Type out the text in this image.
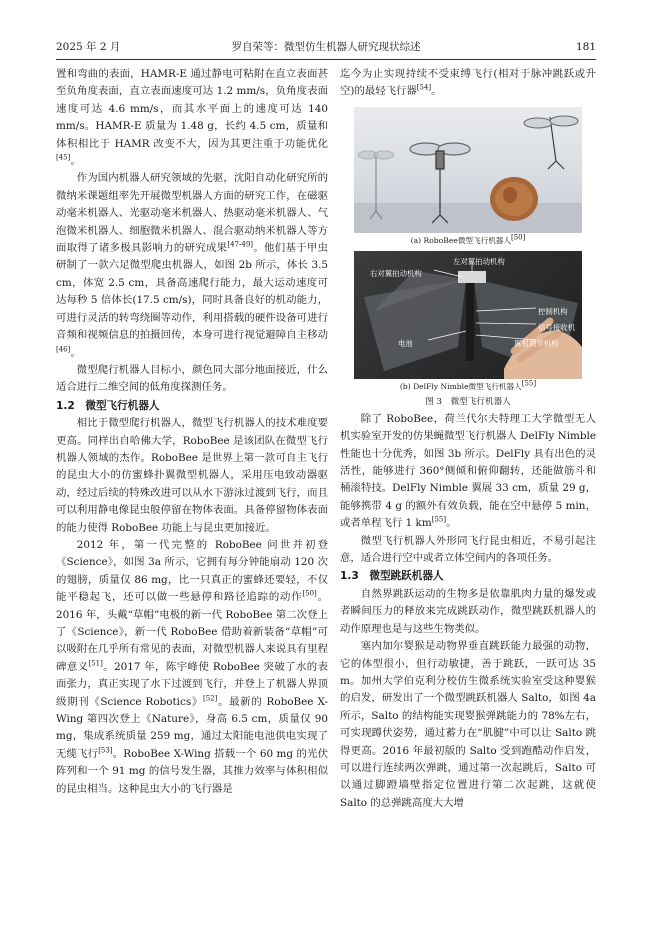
2025 年 2 月	罗自荣等：微型仿生机器人研究现状综述	181

置和弯曲的表面，HAMR-E 通过静电可粘附在直立表面甚至负角度表面，直立表面速度可达 1.2 mm/s，负角度表面速度可达 4.6 mm/s，而其水平面上的速度可达 140 mm/s。HAMR-E 质量为 1.48 g，长约 4.5 cm，质量和体积相比于 HAMR 改变不大，因为其更注重于功能优化[45]。

作为国内机器人研究领域的先驱，沈阳自动化研究所的微纳米课题组率先开展微型机器人方面的研究工作，在磁驱动毫米机器人、光驱动毫米机器人、热驱动毫米机器人、气泡微米机器人、细胞微米机器人、混合驱动纳米机器人等方面取得了诸多极具影响力的研究成果[47-49]。他们基于甲虫研制了一款六足微型爬虫机器人，如图 2b 所示，体长 3.5 cm，体宽 2.5 cm，具备高速爬行能力，最大运动速度可达每秒 5 倍体长(17.5 cm/s)，同时具备良好的机动能力，可进行灵活的转弯绕圈等动作，利用搭载的硬件设备可进行音频和视频信息的拍摄回传，本身可进行视觉避障自主移动[46]。

微型爬行机器人目标小，颜色同大部分地面接近，什么适合进行二维空间的低角度探测任务。

1.2　微型飞行机器人

相比于微型爬行机器人，微型飞行机器人的技术难度要更高。同样出自哈佛大学，RoboBee 是该团队在微型飞行机器人领域的杰作。RoboBee 是世界上第一款可自主飞行的昆虫大小的仿蜜蜂扑翼微型机器人，采用压电致动器驱动，经过后续的特殊改进可以从水下游泳过渡到飞行，而且可以利用静电像昆虫般停留在物体表面。具备停留物体表面的能力使得 RoboBee 功能上与昆虫更加接近。

2012 年，第一代完整的 RoboBee 问世并初登《Science》，如图 3a 所示，它拥有每分钟能扇动 120 次的翅膀，质量仅 86 mg，比一只真正的蜜蜂还要轻，不仅能平稳起飞，还可以做一些悬停和路径追踪的动作[50]。2016 年，头戴“草帽”电极的新一代 RoboBee 第二次登上了《Science》，新一代 RoboBee 借助着新装备“草帽”可以吸附在几乎所有常见的表面，对微型机器人来说具有里程碑意义[51]。2017 年，陈宇峰使 RoboBee 突破了水的表面张力，真正实现了水下过渡到飞行，并登上了机器人界顶级期刊《Science Robotics》[52]。最新的 RoboBee X-Wing 第四次登上《Nature》，身高 6.5 cm，质量仅 90 mg，集成系统质量 259 mg，通过太阳能电池供电实现了无缆飞行[53]。RoboBee X-Wing 搭载一个 60 mg 的光伏阵列和一个 91 mg 的信号发生器，其推力效率与体积相似的昆虫相当。这种昆虫大小的飞行器是

迄今为止实现持续不受束缚飞行(相对于脉冲跳跃或升空)的最轻飞行器[54]。

(a) RoboBee微型飞行机器人[50]
左对翼拍动机构
右对翼拍动机构
控制机构
信号接收机
电池	翼根调节机构
(b) DelFly Nimble微型飞行机器人[55]
图 3　微型飞行机器人

除了 RoboBee，荷兰代尔夫特理工大学微型无人机实验室开发的仿果蝇微型飞行机器人 DelFly Nimble 性能也十分优秀，如图 3b 所示。DelFly 具有出色的灵活性，能够进行 360°侧倾和俯仰翻转，还能做筋斗和桶滚特技。DelFly Nimble 翼展 33 cm，质量 29 g，能够携带 4 g 的额外有效负载，能在空中悬停 5 min，或者单程飞行 1 km[55]。

微型飞行机器人外形同飞行昆虫相近，不易引起注意，适合进行空中或者立体空间内的各项任务。

1.3　微型跳跃机器人

自然界跳跃运动的生物多是依靠肌肉力量的爆发或者瞬间压力的释放来完成跳跃动作，微型跳跃机器人的动作原理也是与这些生物类似。

塞内加尔婴猴是动物界垂直跳跃能力最强的动物，它的体型很小，但行动敏捷，善于跳跃，一跃可达 35 m。加州大学伯克利分校仿生微系统实验室受这种婴猴的启发，研发出了一个微型跳跃机器人 Salto，如图 4a 所示，Salto 的结构能实现婴猴弹跳能力的 78%左右，可实现蹲伏姿势，通过蓄力在“肌腱”中可以让 Salto 跳得更高。2016 年最初版的 Salto 受到跑酷动作启发，可以进行连续两次弹跳，通过第一次起跳后，Salto 可以通过脚蹬墙壁指定位置进行第二次起跳，这就使 Salto 的总弹跳高度大大增
